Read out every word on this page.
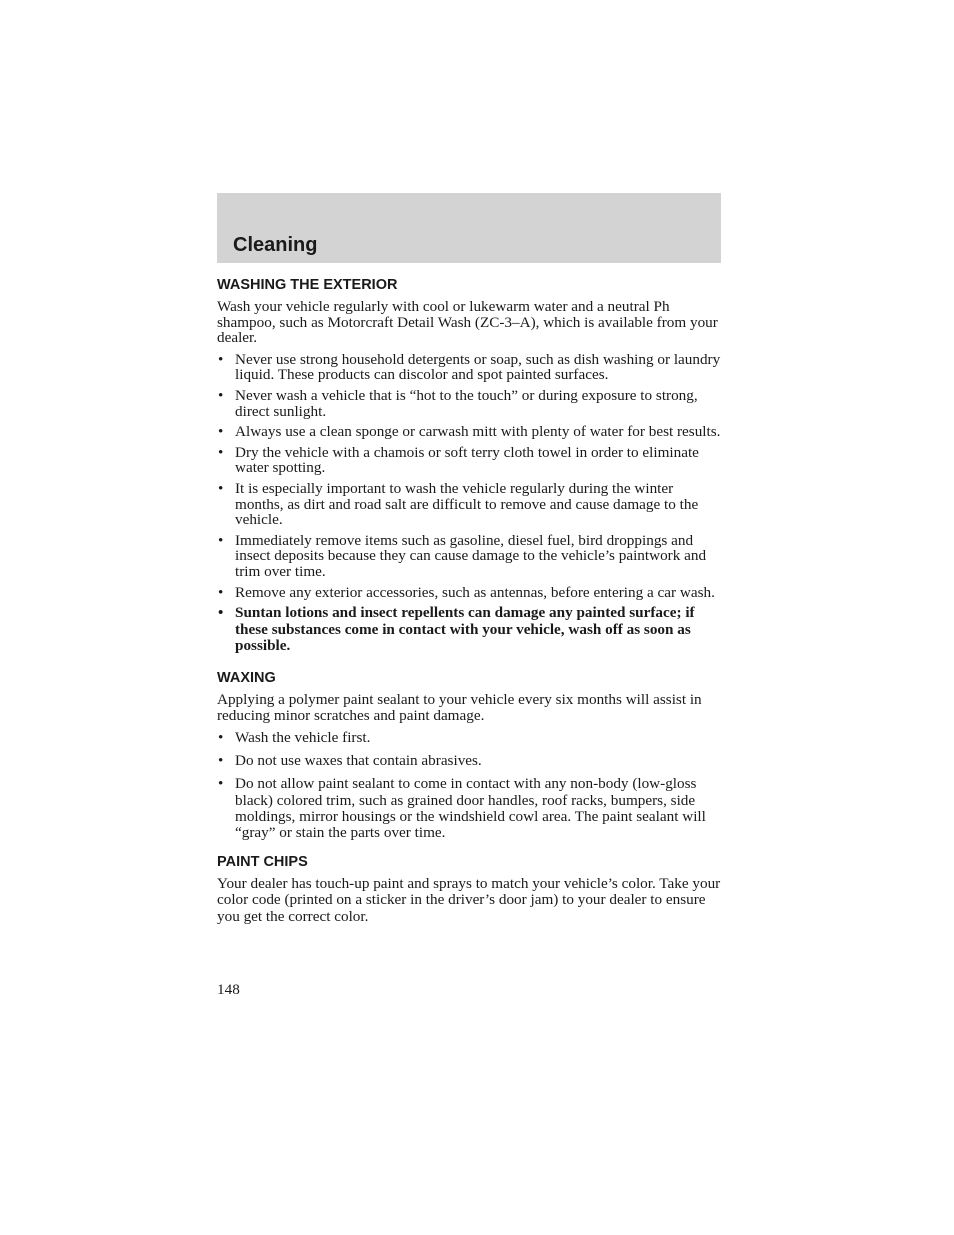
Cleaning
WASHING THE EXTERIOR

Wash your vehicle regularly with cool or lukewarm water and a neutral Ph shampoo, such as Motorcraft Detail Wash (ZC-3–A), which is available from your dealer.

• Never use strong household detergents or soap, such as dish washing or laundry liquid. These products can discolor and spot painted surfaces.
• Never wash a vehicle that is “hot to the touch” or during exposure to strong, direct sunlight.
• Always use a clean sponge or carwash mitt with plenty of water for best results.
• Dry the vehicle with a chamois or soft terry cloth towel in order to eliminate water spotting.
• It is especially important to wash the vehicle regularly during the winter months, as dirt and road salt are difficult to remove and cause damage to the vehicle.
• Immediately remove items such as gasoline, diesel fuel, bird droppings and insect deposits because they can cause damage to the vehicle’s paintwork and trim over time.
• Remove any exterior accessories, such as antennas, before entering a car wash.
• Suntan lotions and insect repellents can damage any painted surface; if these substances come in contact with your vehicle, wash off as soon as possible.
WAXING

Applying a polymer paint sealant to your vehicle every six months will assist in reducing minor scratches and paint damage.

• Wash the vehicle first.
• Do not use waxes that contain abrasives.
• Do not allow paint sealant to come in contact with any non-body (low-gloss black) colored trim, such as grained door handles, roof racks, bumpers, side moldings, mirror housings or the windshield cowl area. The paint sealant will “gray” or stain the parts over time.
PAINT CHIPS

Your dealer has touch-up paint and sprays to match your vehicle’s color. Take your color code (printed on a sticker in the driver’s door jam) to your dealer to ensure you get the correct color.

148
